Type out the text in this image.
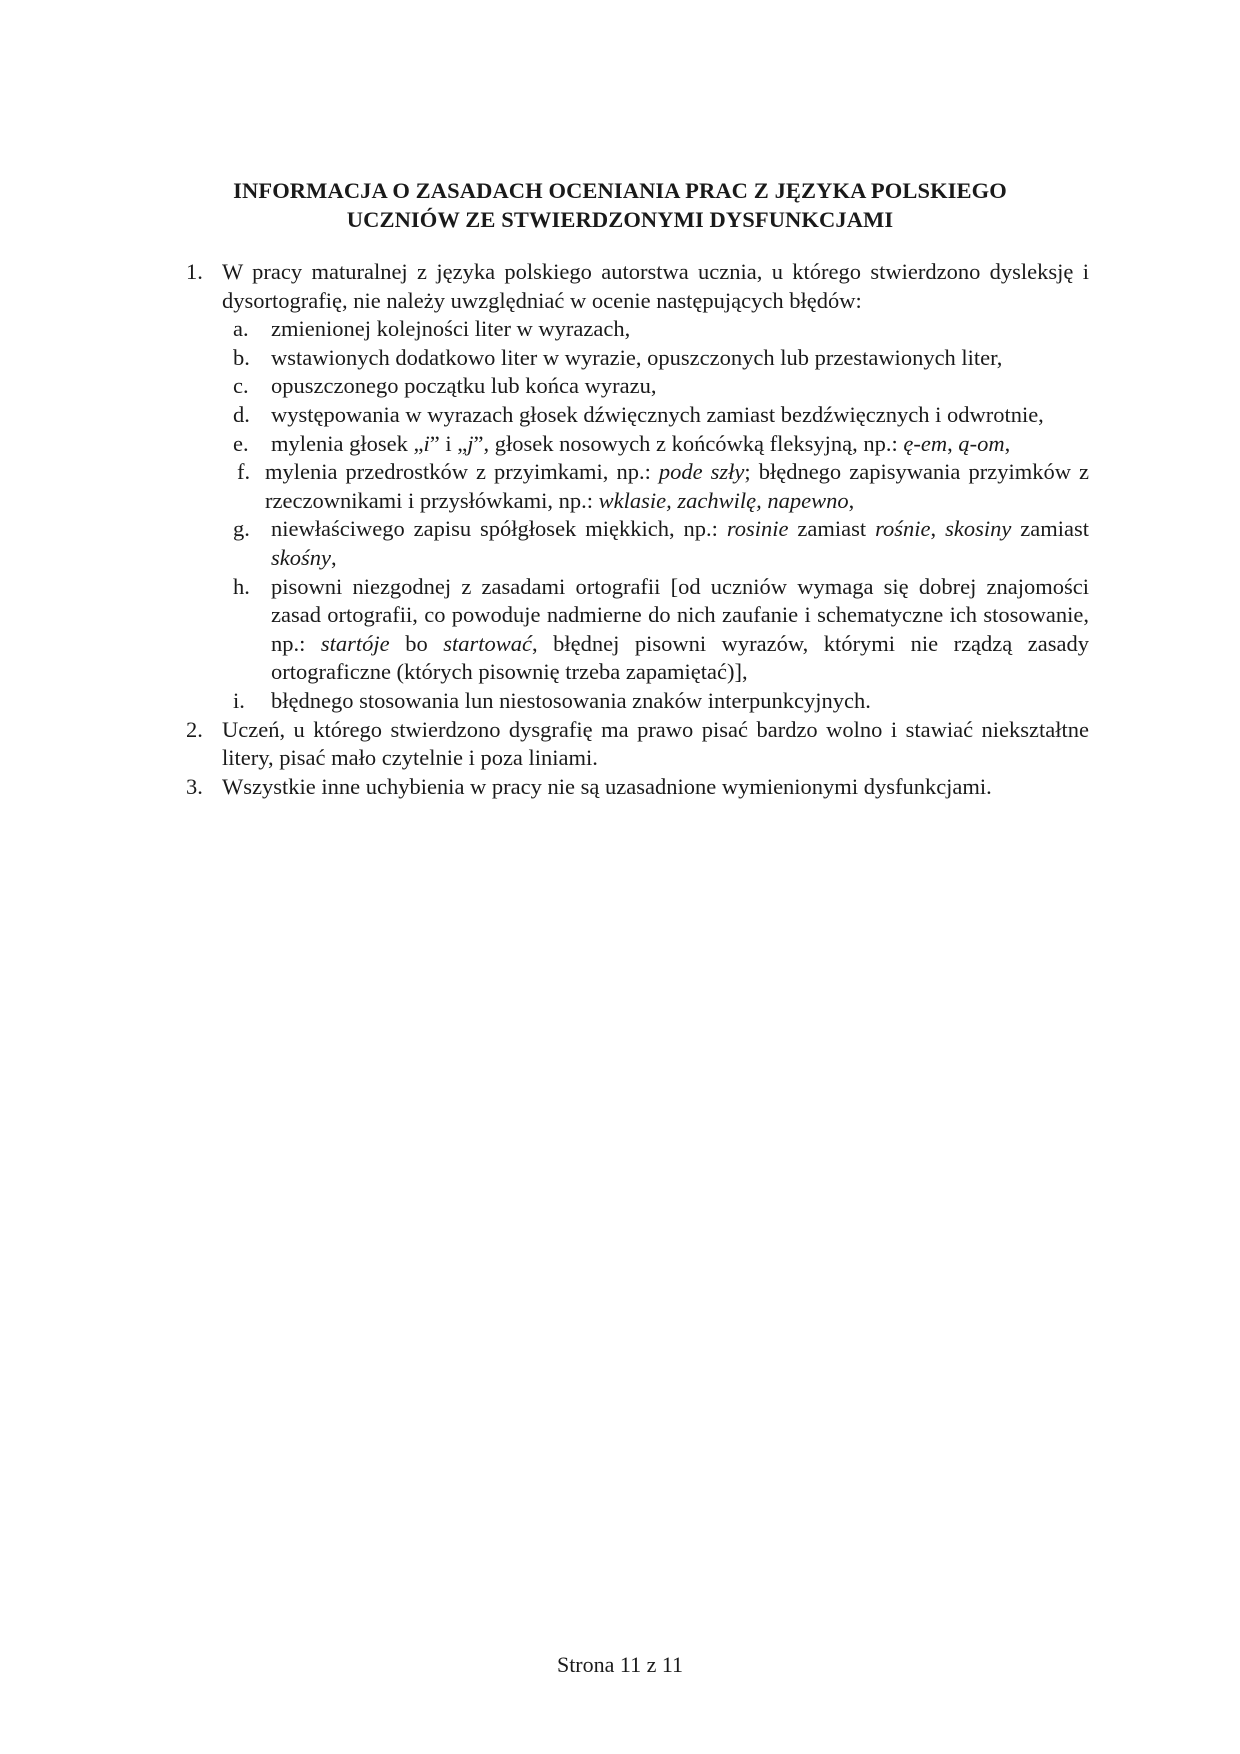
INFORMACJA O ZASADACH OCENIANIA PRAC Z JĘZYKA POLSKIEGO
UCZNIÓW ZE STWIERDZONYMI DYSFUNKCJAMI
1. W pracy maturalnej z języka polskiego autorstwa ucznia, u którego stwierdzono dysleksję i dysortografię, nie należy uwzględniać w ocenie następujących błędów:
a. zmienionej kolejności liter w wyrazach,
b. wstawionych dodatkowo liter w wyrazie, opuszczonych lub przestawionych liter,
c. opuszczonego początku lub końca wyrazu,
d. występowania w wyrazach głosek dźwięcznych zamiast bezdźwięcznych i odwrotnie,
e. mylenia głosek „i” i „j”, głosek nosowych z końcówką fleksyjną, np.: ę-em, ą-om,
f. mylenia przedrostków z przyimkami, np.: pode szły; błędnego zapisywania przyimków z rzeczownikami i przysłówkami, np.: wklasie, zachwilę, napewno,
g. niewłaściwego zapisu spółgłosek miękkich, np.: rosinie zamiast rośnie, skosiny zamiast skośny,
h. pisowni niezgodnej z zasadami ortografii [od uczniów wymaga się dobrej znajomości zasad ortografii, co powoduje nadmierne do nich zaufanie i schematyczne ich stosowanie, np.: startóje bo startować, błędnej pisowni wyrazów, którymi nie rządzą zasady ortograficzne (których pisownię trzeba zapamiętać)],
i.	błędnego stosowania lun niestosowania znaków interpunkcyjnych.
2. Uczeń, u którego stwierdzono dysgrafię ma prawo pisać bardzo wolno i stawiać niekształtne litery, pisać mało czytelnie i poza liniami.
3. Wszystkie inne uchybienia w pracy nie są uzasadnione wymienionymi dysfunkcjami.
Strona 11 z 11
